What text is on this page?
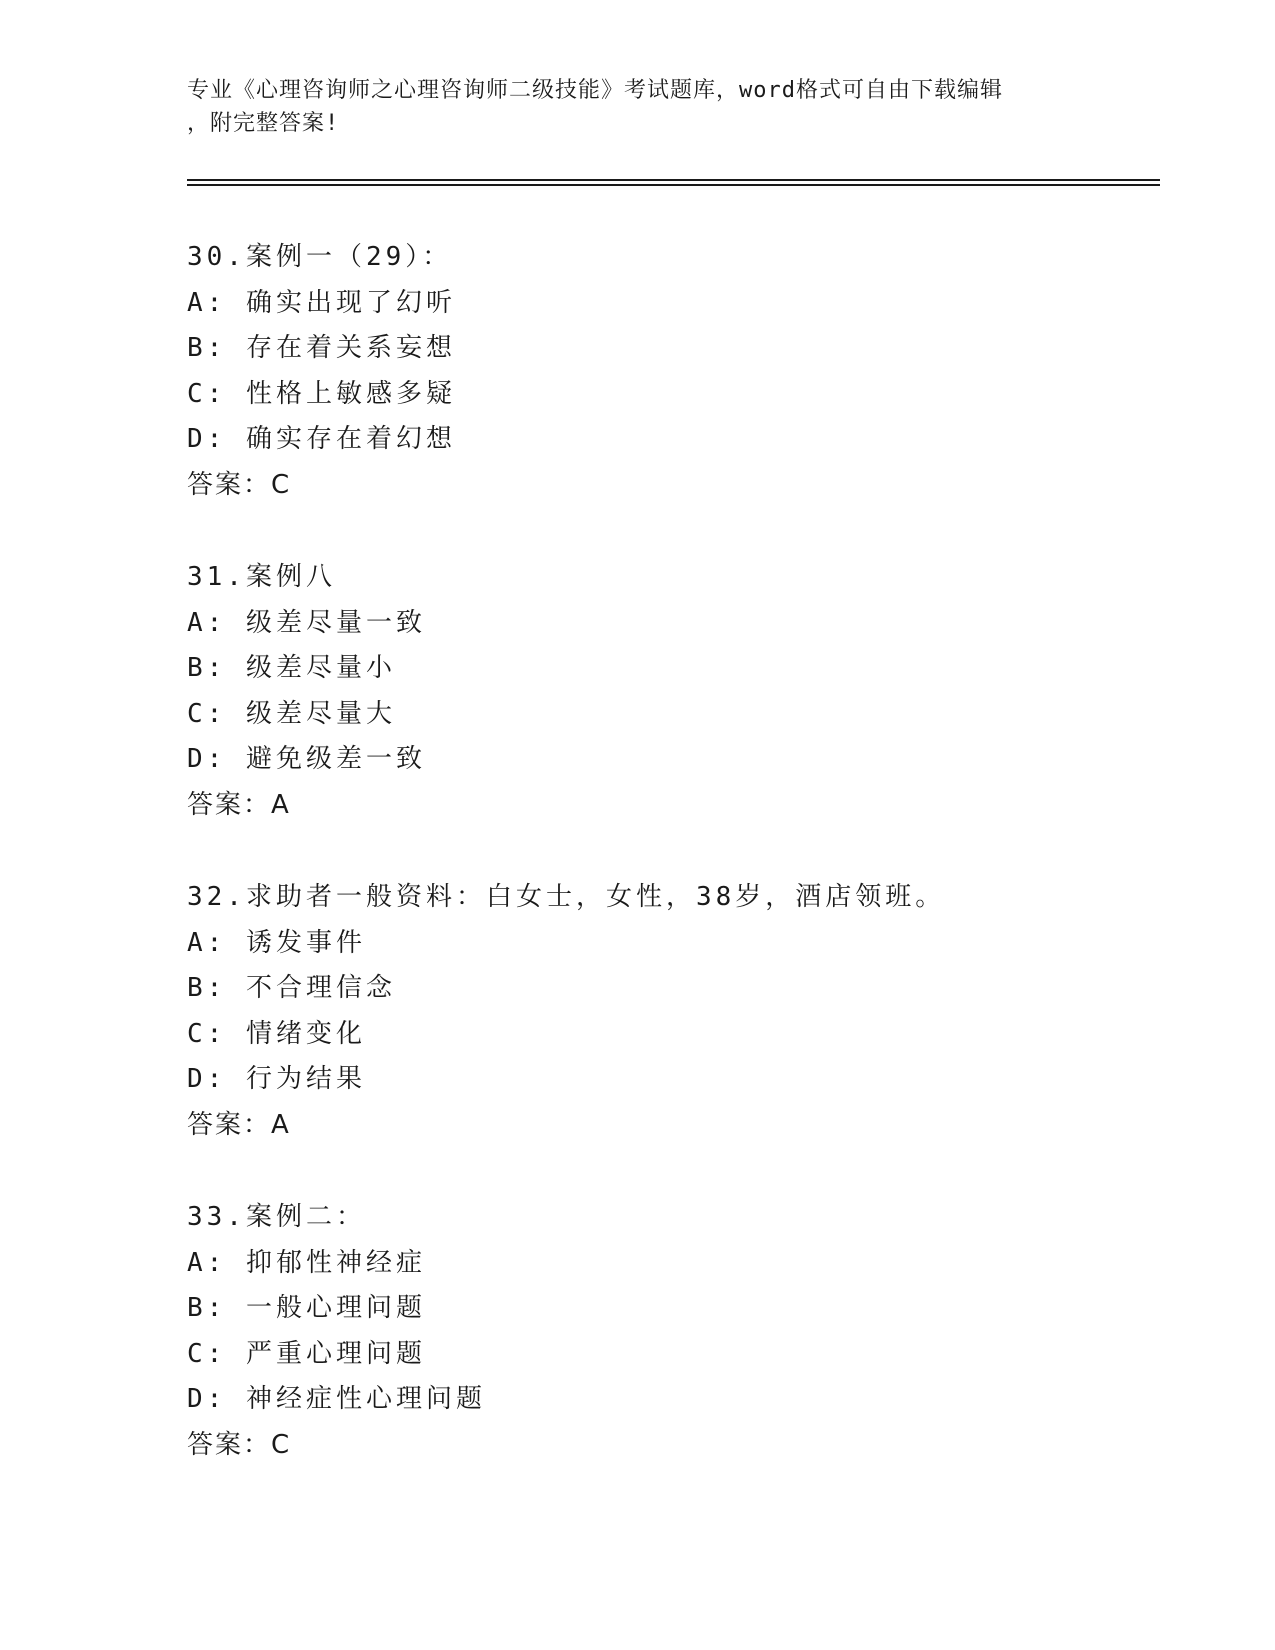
专业《心理咨询师之心理咨询师二级技能》考试题库，word格式可自由下载编辑
，附完整答案!
30.案例一（29）：
A: 确实出现了幻听
B: 存在着关系妄想
C: 性格上敏感多疑
D: 确实存在着幻想
答案：C
31.案例八
A: 级差尽量一致
B: 级差尽量小
C: 级差尽量大
D: 避免级差一致
答案：A
32.求助者一般资料：白女士，女性，38岁，酒店领班。
A: 诱发事件
B: 不合理信念
C: 情绪变化
D: 行为结果
答案：A
33.案例二：
A: 抑郁性神经症
B: 一般心理问题
C: 严重心理问题
D: 神经症性心理问题
答案：C
